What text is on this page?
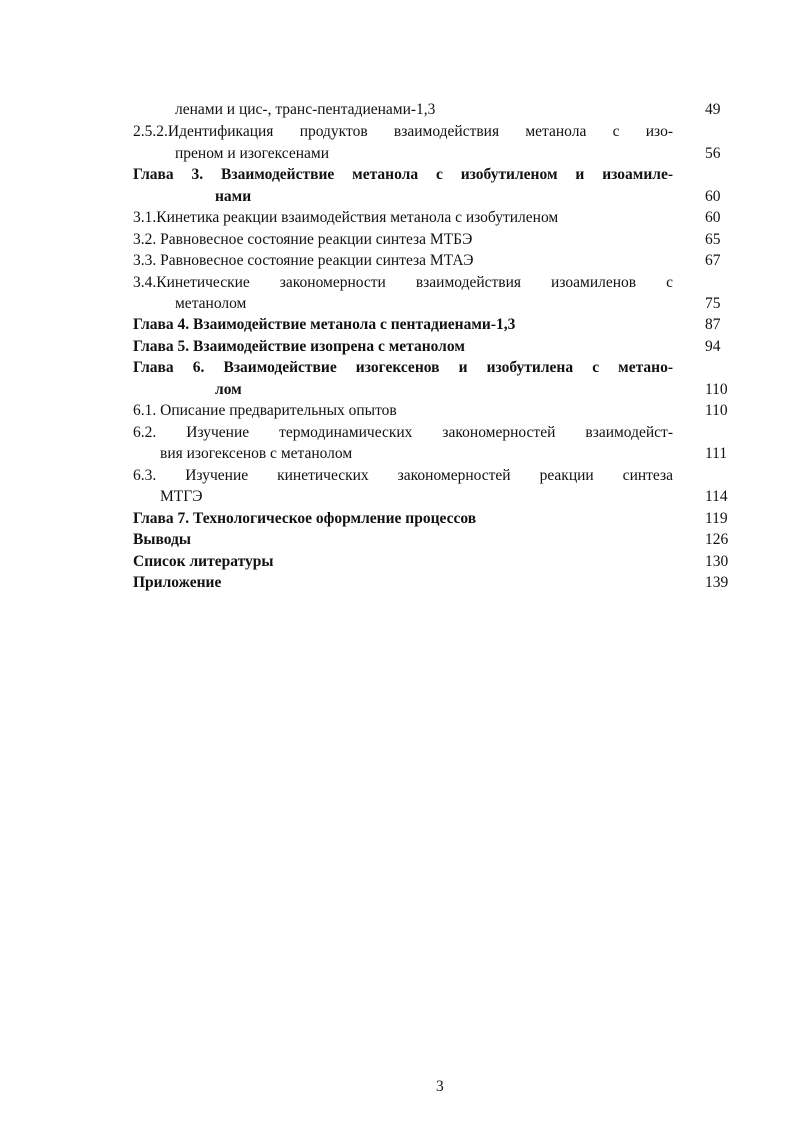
ленами и цис-, транс-пентадиенами-1,3	49
2.5.2.Идентификация продуктов взаимодействия метанола с изо-
преном и изогексенами	56
Глава 3. Взаимодействие метанола с изобутиленом и изоамиле-
нами	60
3.1.Кинетика реакции взаимодействия метанола с изобутиленом	60
3.2. Равновесное состояние реакции синтеза МТБЭ	65
3.3. Равновесное состояние реакции синтеза МТАЭ	67
3.4.Кинетические закономерности взаимодействия изоамиленов с
метанолом	75
Глава 4. Взаимодействие метанола с пентадиенами-1,3	87
Глава 5. Взаимодействие изопрена с метанолом	94
Глава 6. Взаимодействие изогексенов и изобутилена с метано-
лом	110
6.1. Описание предварительных опытов	110
6.2. Изучение термодинамических закономерностей взаимодейст-
вия изогексенов с метанолом	111
6.3. Изучение кинетических закономерностей реакции синтеза
МТГЭ	114
Глава 7. Технологическое оформление процессов	119
Выводы	126
Список литературы	130
Приложение	139
3
